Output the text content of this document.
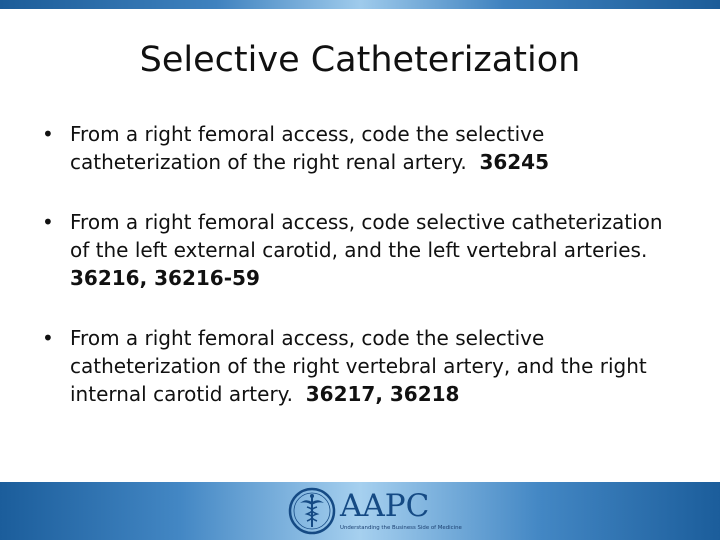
Selective Catheterization
• From a right femoral access, code the selective catheterization of the right renal artery. 36245
• From a right femoral access, code selective catheterization of the left external carotid, and the left vertebral arteries.  36216, 36216-59
• From a right femoral access, code the selective catheterization of the right vertebral artery, and the right internal carotid artery. 36217, 36218
AAPC
Understanding the Business Side of Medicine
